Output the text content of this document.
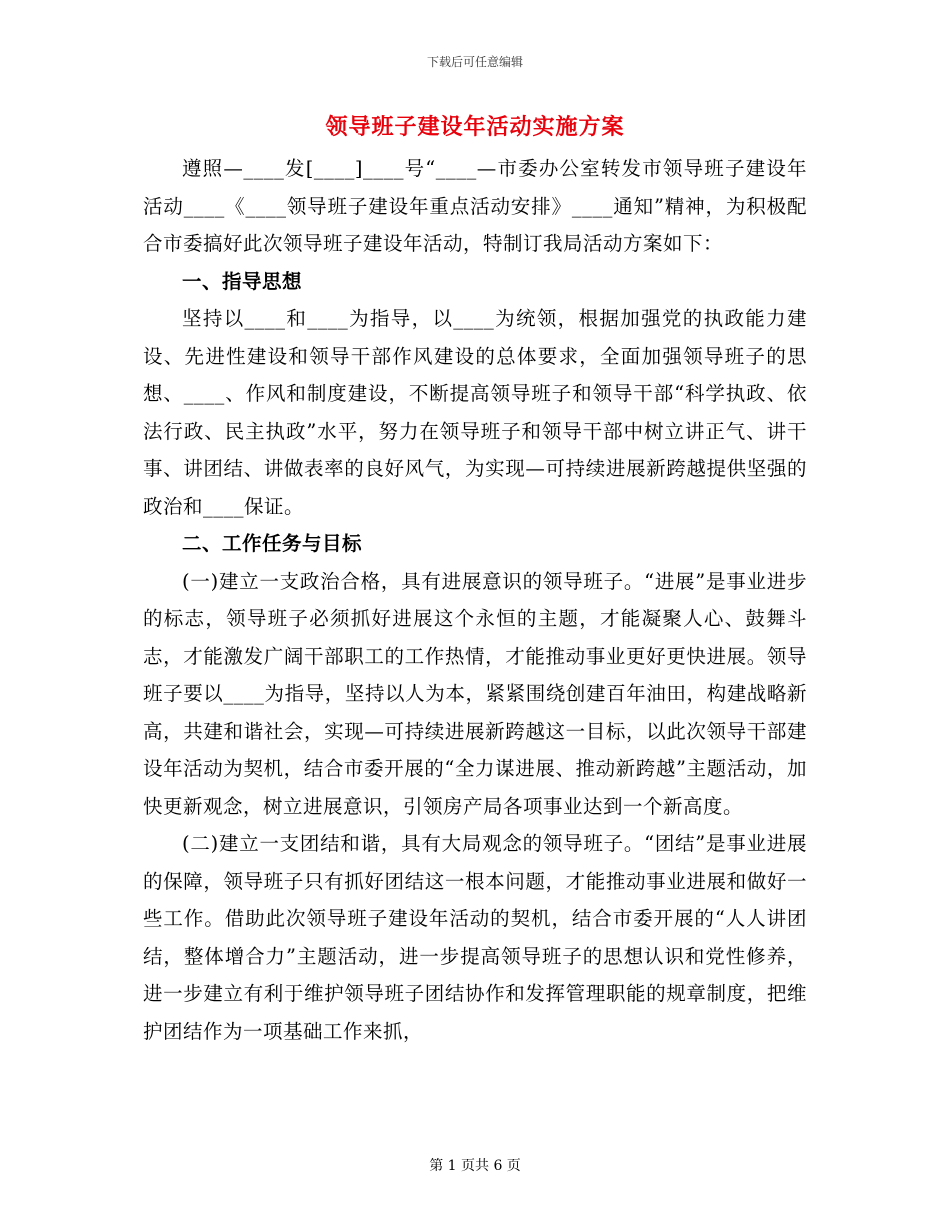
下载后可任意编辑
领导班子建设年活动实施方案

遵照—____发[____]____号“____—市委办公室转发市领导班子建设年活动____《____领导班子建设年重点活动安排》____通知”精神，为积极配合市委搞好此次领导班子建设年活动，特制订我局活动方案如下：

一、指导思想

坚持以____和____为指导，以____为统领，根据加强党的执政能力建设、先进性建设和领导干部作风建设的总体要求，全面加强领导班子的思想、____、作风和制度建设，不断提高领导班子和领导干部“科学执政、依法行政、民主执政”水平，努力在领导班子和领导干部中树立讲正气、讲干事、讲团结、讲做表率的良好风气，为实现—可持续进展新跨越提供坚强的政治和____保证。

二、工作任务与目标

(一)建立一支政治合格，具有进展意识的领导班子。“进展”是事业进步的标志，领导班子必须抓好进展这个永恒的主题，才能凝聚人心、鼓舞斗志，才能激发广阔干部职工的工作热情，才能推动事业更好更快进展。领导班子要以____为指导，坚持以人为本，紧紧围绕创建百年油田，构建战略新高，共建和谐社会，实现—可持续进展新跨越这一目标，以此次领导干部建设年活动为契机，结合市委开展的“全力谋进展、推动新跨越”主题活动，加快更新观念，树立进展意识，引领房产局各项事业达到一个新高度。

(二)建立一支团结和谐，具有大局观念的领导班子。“团结”是事业进展的保障，领导班子只有抓好团结这一根本问题，才能推动事业进展和做好一些工作。借助此次领导班子建设年活动的契机，结合市委开展的“人人讲团结，整体增合力”主题活动，进一步提高领导班子的思想认识和党性修养，进一步建立有利于维护领导班子团结协作和发挥管理职能的规章制度，把维护团结作为一项基础工作来抓，

第 1 页共 6 页
